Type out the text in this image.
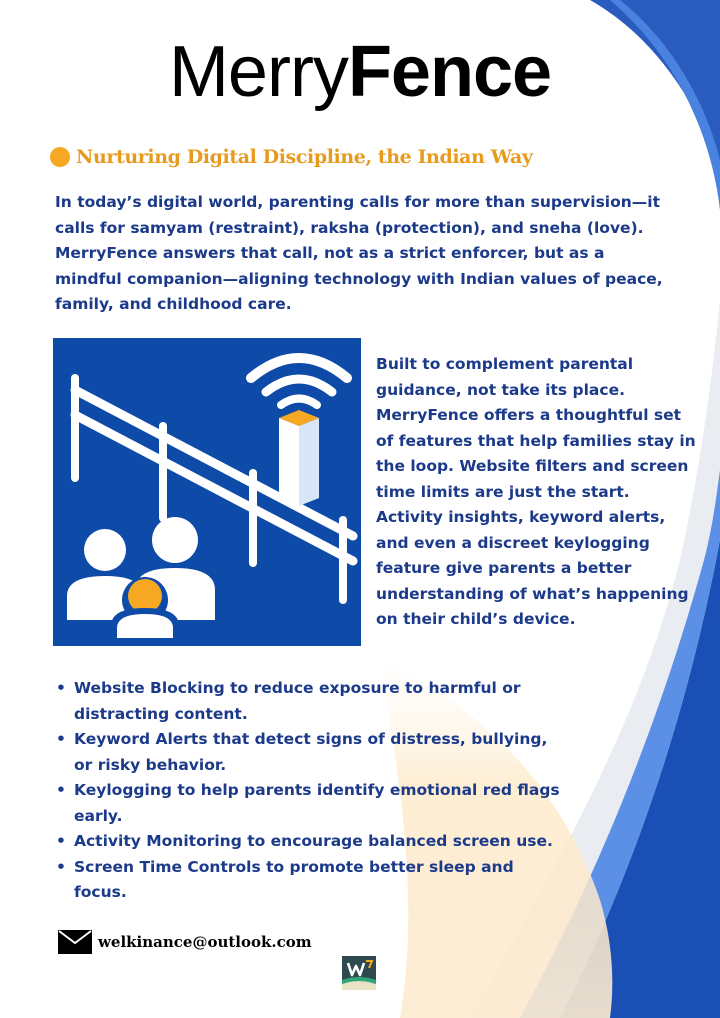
MerryFence
Nurturing Digital Discipline, the Indian Way
In today’s digital world, parenting calls for more than supervision—it calls for samyam (restraint), raksha (protection), and sneha (love). MerryFence answers that call, not as a strict enforcer, but as a mindful companion—aligning technology with Indian values of peace, family, and childhood care.
Built to complement parental guidance, not take its place. MerryFence offers a thoughtful set of features that help families stay in the loop. Website filters and screen time limits are just the start. Activity insights, keyword alerts, and even a discreet keylogging feature give parents a better understanding of what’s happening on their child’s device.
• Website Blocking to reduce exposure to harmful or distracting content.
• Keyword Alerts that detect signs of distress, bullying, or risky behavior.
• Keylogging to help parents identify emotional red flags early.
• Activity Monitoring to encourage balanced screen use.
• Screen Time Controls to promote better sleep and focus.
welkinance@outlook.com
